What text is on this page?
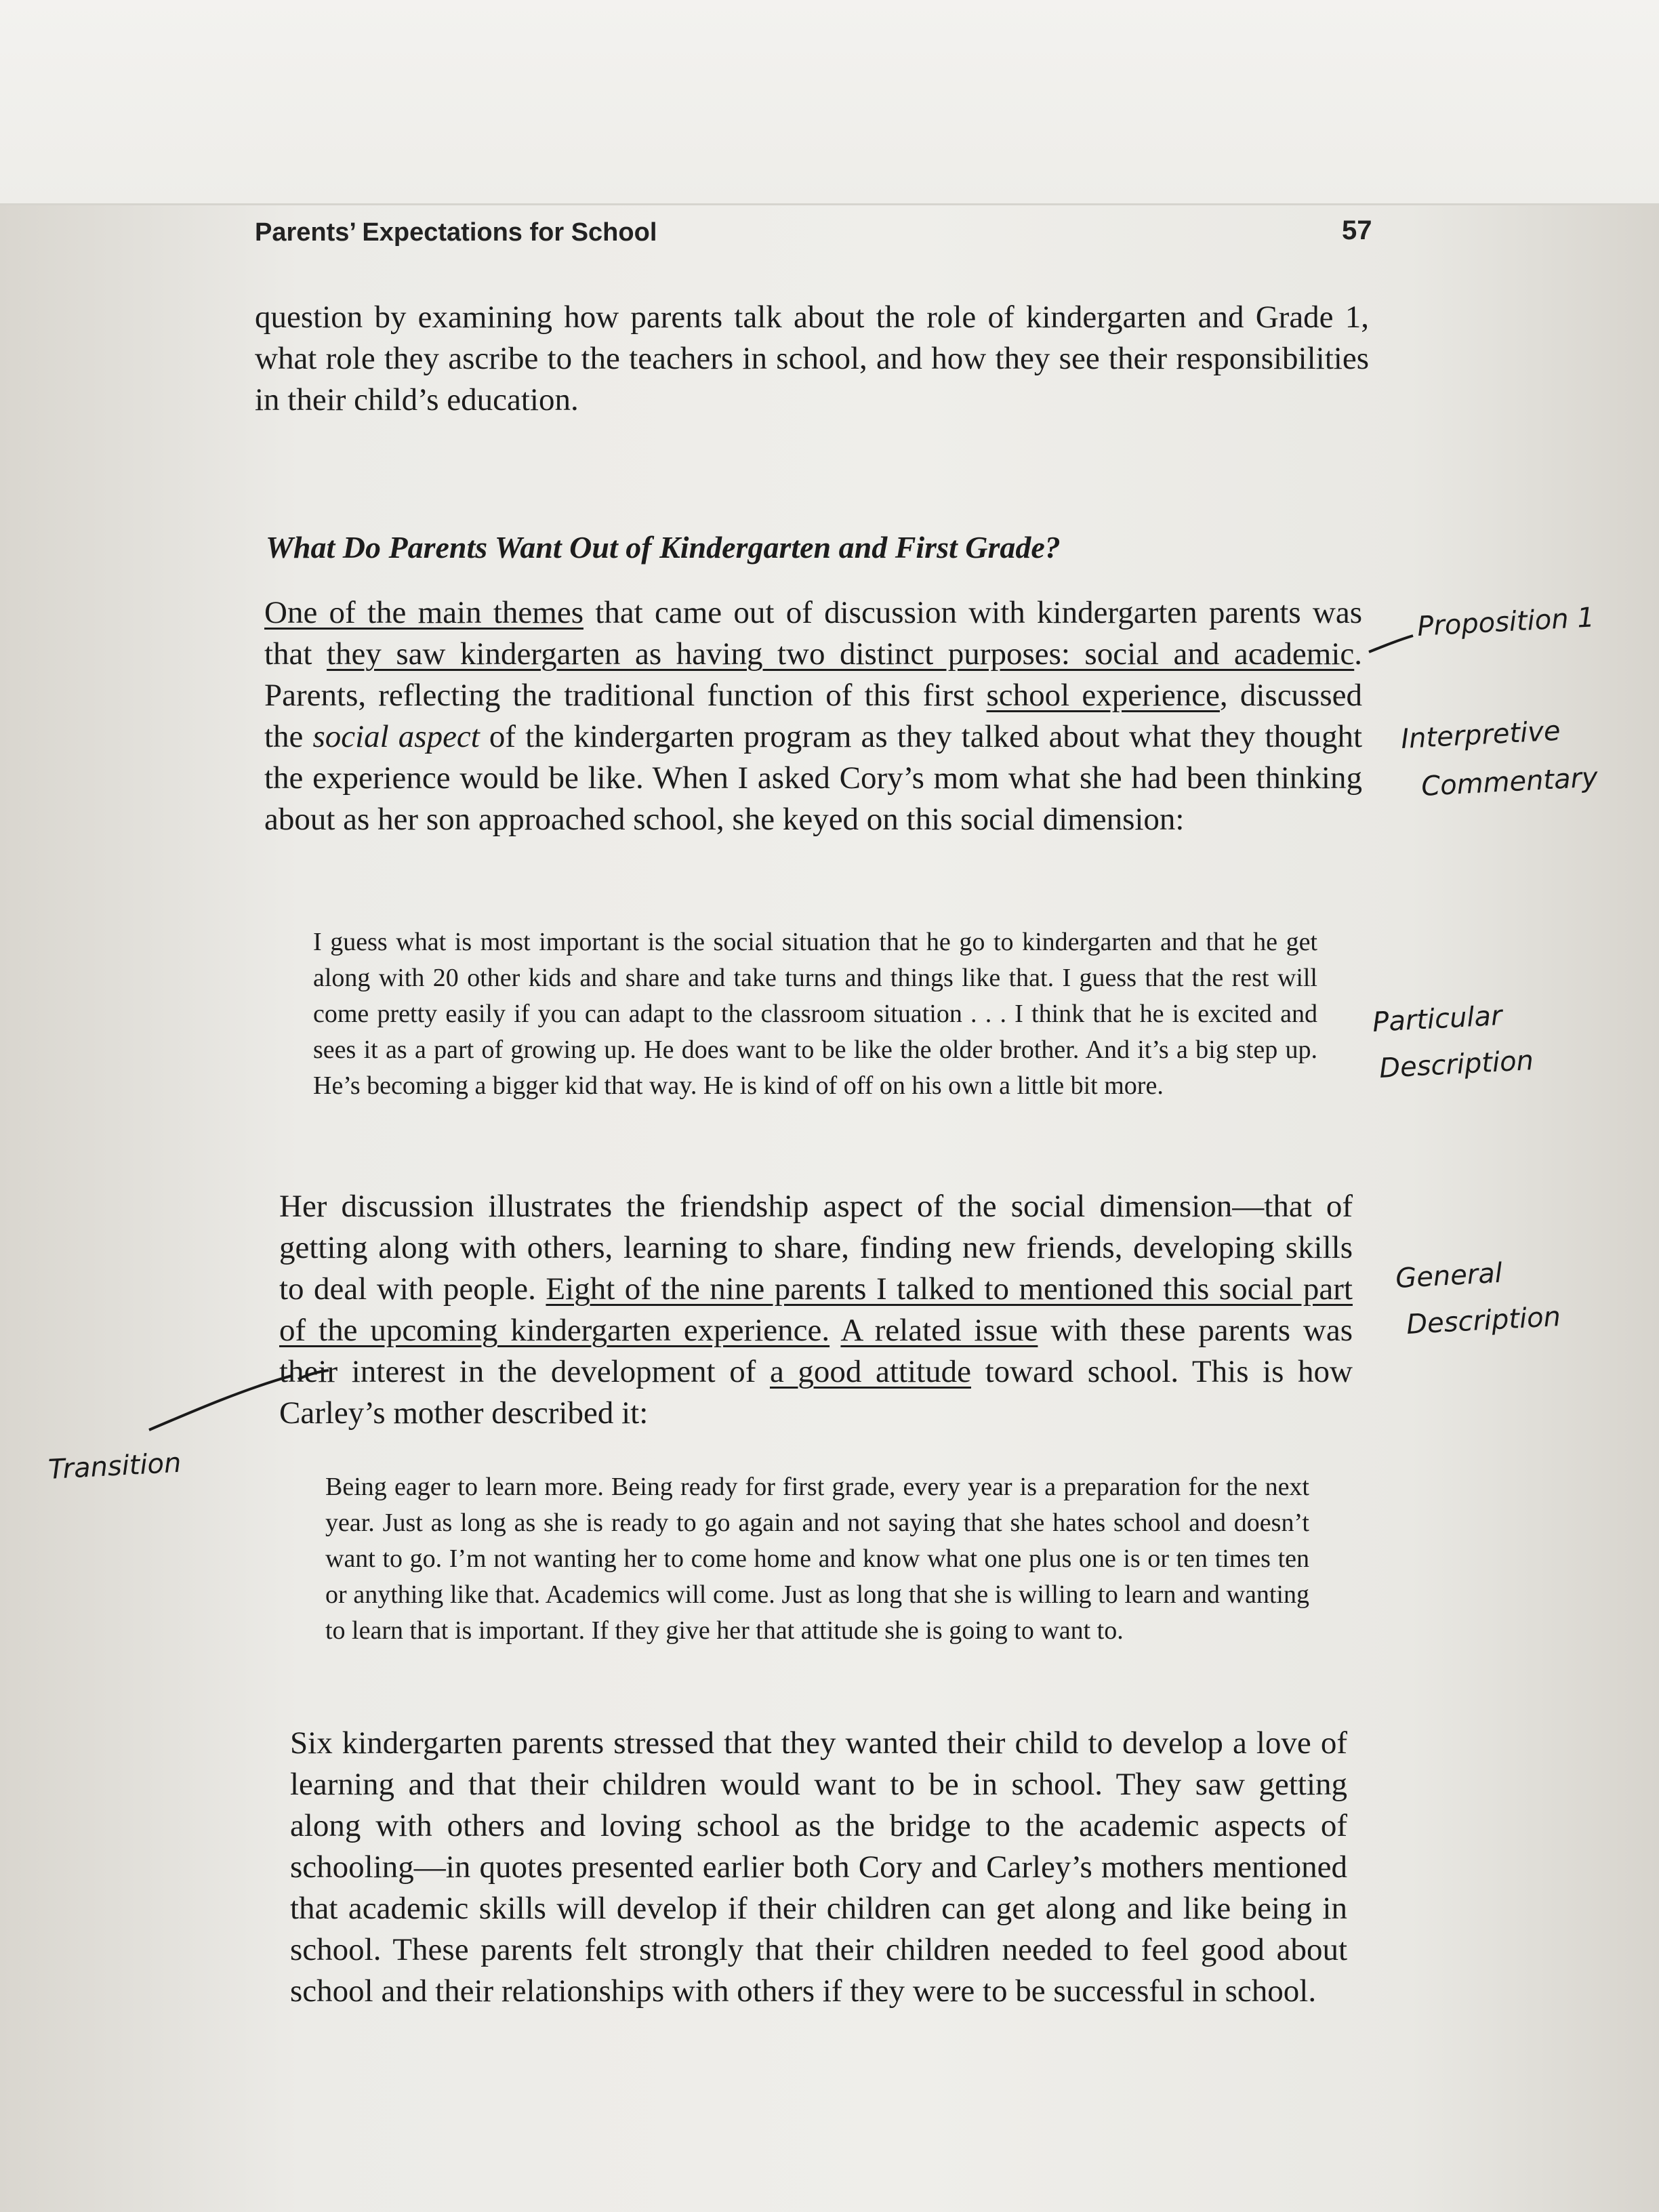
Parents’ Expectations for School	57

question by examining how parents talk about the role of kindergarten and Grade 1, what role they ascribe to the teachers in school, and how they see their responsibilities in their child’s education.

What Do Parents Want Out of Kindergarten and First Grade?

One of the main themes that came out of discussion with kindergarten parents was that they saw kindergarten as having two distinct purposes: social and academic. Parents, reflecting the traditional function of this first school experience, discussed the social aspect of the kindergarten program as they talked about what they thought the experience would be like. When I asked Cory’s mom what she had been thinking about as her son approached school, she keyed on this social dimension:

I guess what is most important is the social situation that he go to kindergarten and that he get along with 20 other kids and share and take turns and things like that. I guess that the rest will come pretty easily if you can adapt to the classroom situation . . . I think that he is excited and sees it as a part of growing up. He does want to be like the older brother. And it’s a big step up. He’s becoming a bigger kid that way. He is kind of off on his own a little bit more.

Her discussion illustrates the friendship aspect of the social dimension—that of getting along with others, learning to share, finding new friends, developing skills to deal with people. Eight of the nine parents I talked to mentioned this social part of the upcoming kindergarten experience. A related issue with these parents was their interest in the development of a good attitude toward school. This is how Carley’s mother described it:

Being eager to learn more. Being ready for first grade, every year is a preparation for the next year. Just as long as she is ready to go again and not saying that she hates school and doesn’t want to go. I’m not wanting her to come home and know what one plus one is or ten times ten or anything like that. Academics will come. Just as long that she is willing to learn and wanting to learn that is important. If they give her that attitude she is going to want to.

Six kindergarten parents stressed that they wanted their child to develop a love of learning and that their children would want to be in school. They saw getting along with others and loving school as the bridge to the academic aspects of schooling—in quotes presented earlier both Cory and Carley’s mothers mentioned that academic skills will develop if their children can get along and like being in school. These parents felt strongly that their children needed to feel good about school and their relationships with others if they were to be successful in school.

Proposition 1
Interpretive
Commentary
Particular
Description
General
Description
Transition
